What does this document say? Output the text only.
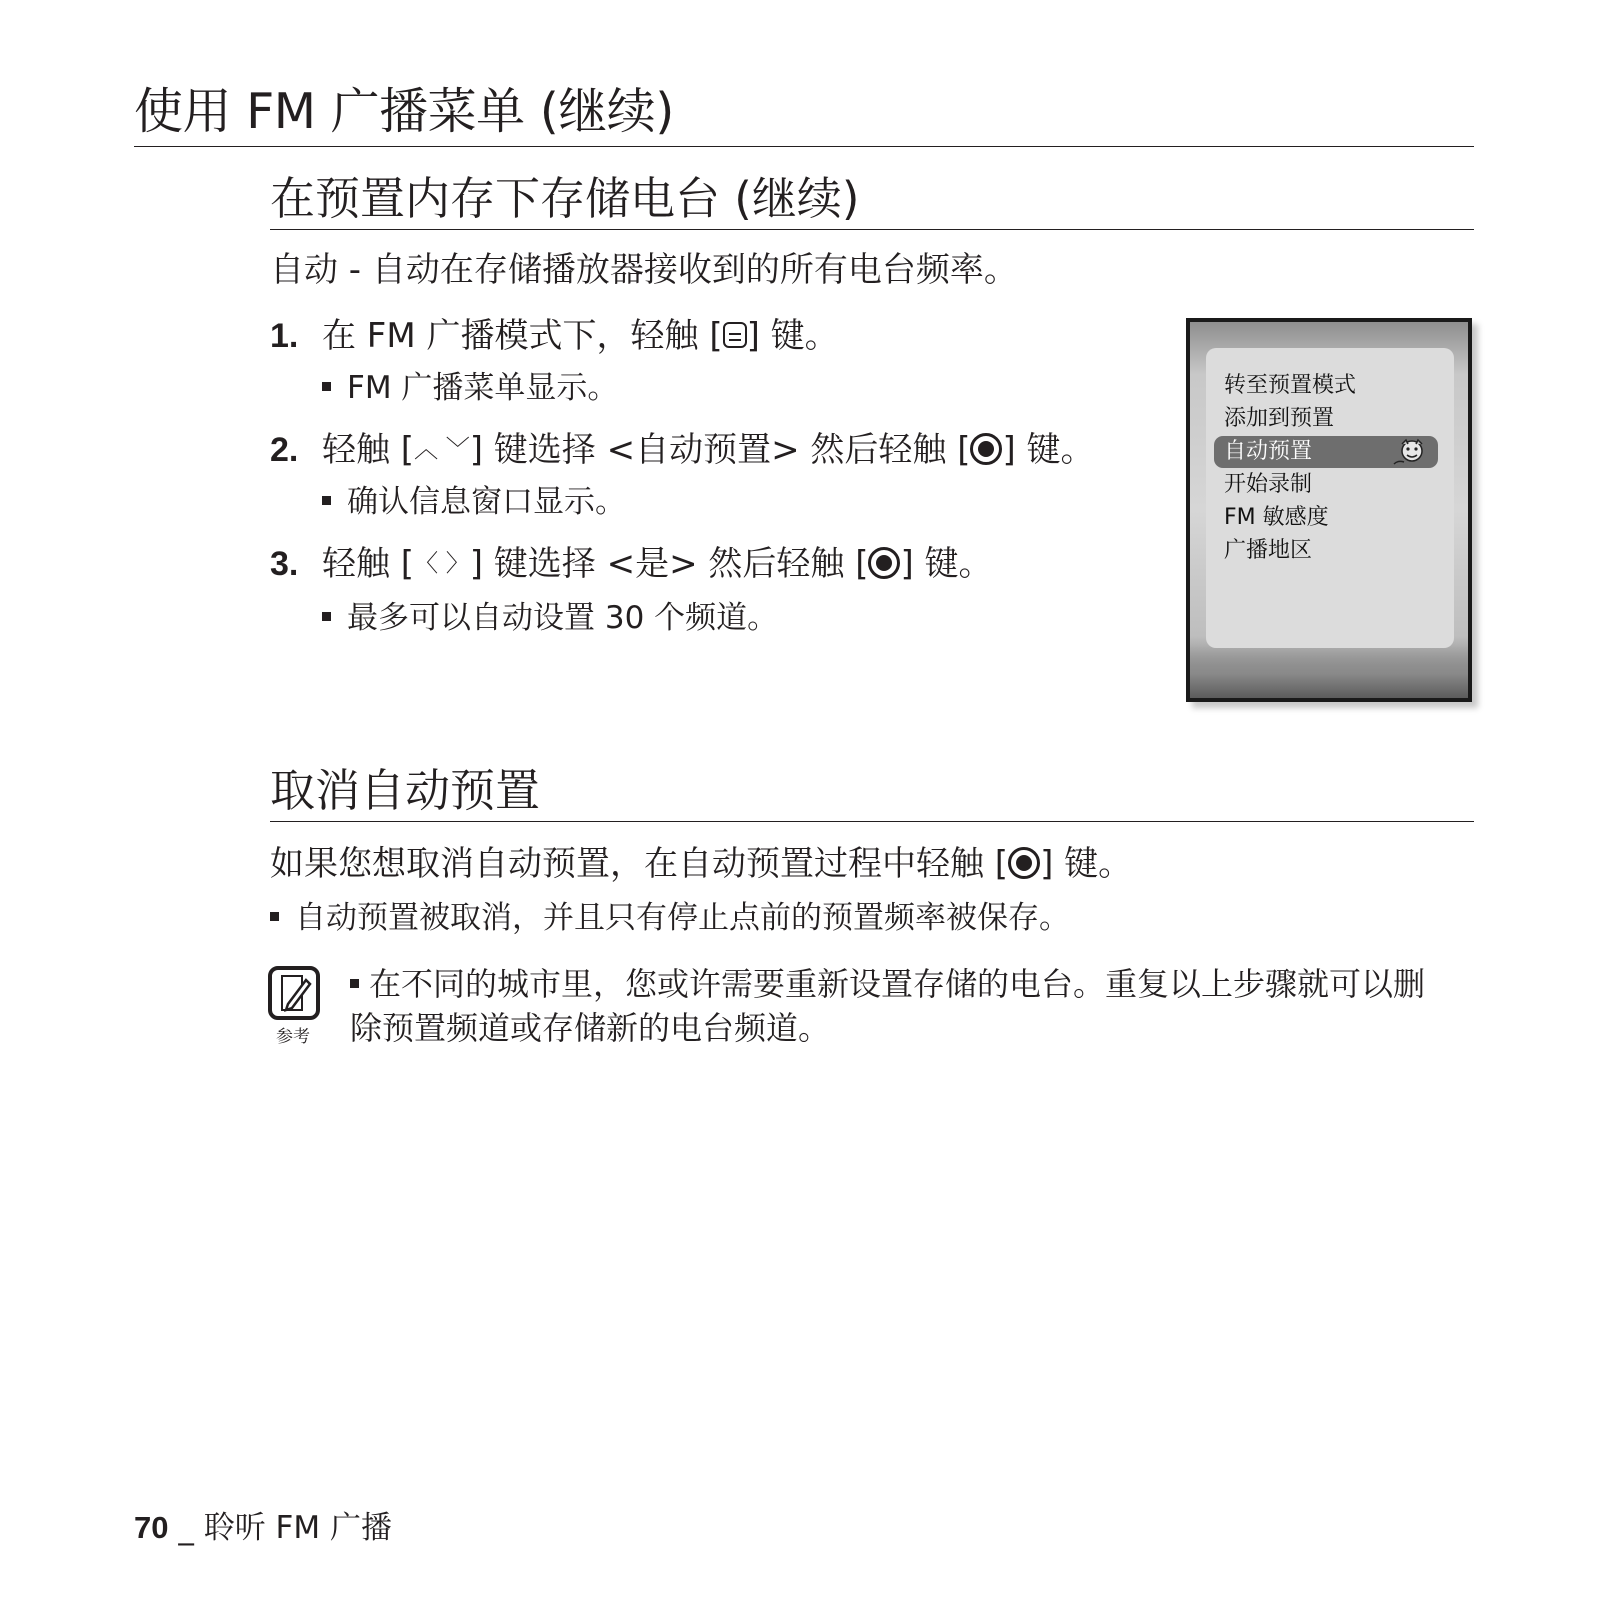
使用 FM 广播菜单 (继续)
在预置内存下存储电台 (继续)
自动 - 自动在存储播放器接收到的所有电台频率。
1. 在 FM 广播模式下，轻触 [ ] 键。
FM 广播菜单显示。
2. 轻触 [︿ ﹀] 键选择 <自动预置> 然后轻触 [ ] 键。
确认信息窗口显示。
3. 轻触 [〈 〉] 键选择 <是> 然后轻触 [ ] 键。
最多可以自动设置 30 个频道。
转至预置模式
添加到预置
自动预置
开始录制
FM 敏感度
广播地区
取消自动预置
如果您想取消自动预置，在自动预置过程中轻触 [ ] 键。
自动预置被取消，并且只有停止点前的预置频率被保存。
参考
在不同的城市里，您或许需要重新设置存储的电台。重复以上步骤就可以删
除预置频道或存储新的电台频道。
70 _ 聆听 FM 广播
